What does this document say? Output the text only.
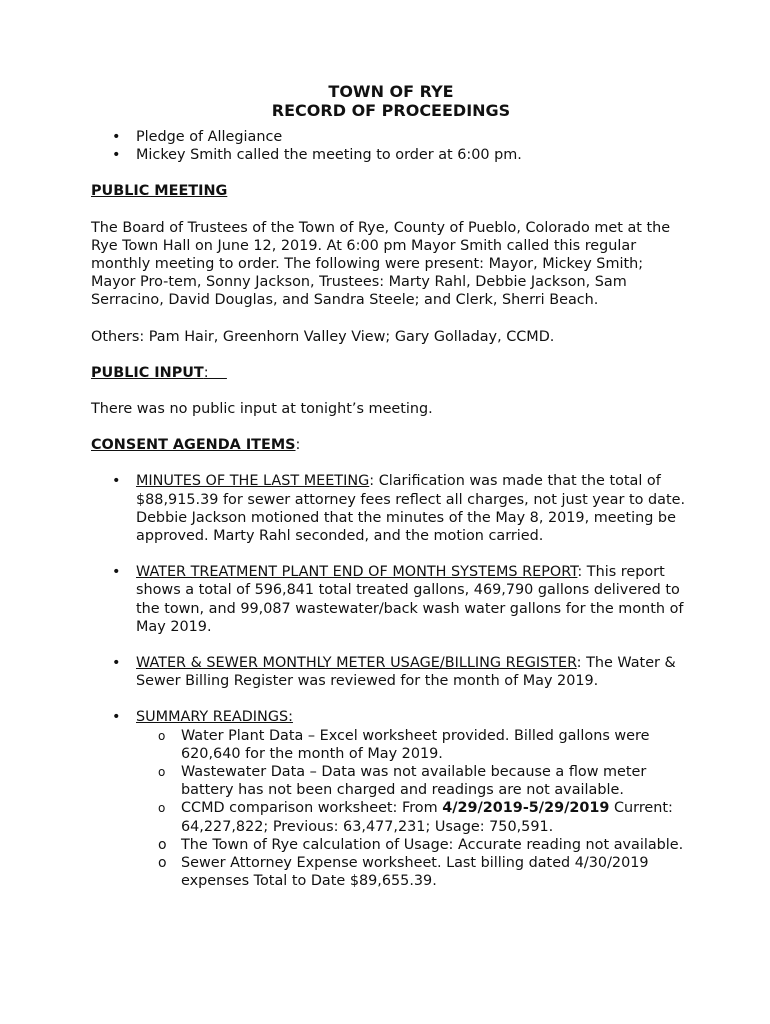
TOWN OF RYE

RECORD OF PROCEEDINGS

• Pledge of Allegiance
• Mickey Smith called the meeting to order at 6:00 pm.

PUBLIC MEETING

The Board of Trustees of the Town of Rye, County of Pueblo, Colorado met at the Rye Town Hall on June 12, 2019. At 6:00 pm Mayor Smith called this regular monthly meeting to order. The following were present: Mayor, Mickey Smith; Mayor Pro-tem, Sonny Jackson, Trustees: Marty Rahl, Debbie Jackson, Sam Serracino, David Douglas, and Sandra Steele; and Clerk, Sherri Beach.

Others: Pam Hair, Greenhorn Valley View; Gary Golladay, CCMD.

PUBLIC INPUT:

There was no public input at tonight’s meeting.

CONSENT AGENDA ITEMS:

• MINUTES OF THE LAST MEETING: Clarification was made that the total of $88,915.39 for sewer attorney fees reflect all charges, not just year to date. Debbie Jackson motioned that the minutes of the May 8, 2019, meeting be approved. Marty Rahl seconded, and the motion carried.
• WATER TREATMENT PLANT END OF MONTH SYSTEMS REPORT: This report shows a total of 596,841 total treated gallons, 469,790 gallons delivered to the town, and 99,087 wastewater/back wash water gallons for the month of May 2019.
• WATER & SEWER MONTHLY METER USAGE/BILLING REGISTER: The Water & Sewer Billing Register was reviewed for the month of May 2019.
• SUMMARY READINGS:
o Water Plant Data – Excel worksheet provided. Billed gallons were 620,640 for the month of May 2019.
o Wastewater Data – Data was not available because a flow meter battery has not been charged and readings are not available.
o CCMD comparison worksheet: From 4/29/2019-5/29/2019 Current: 64,227,822; Previous: 63,477,231; Usage: 750,591.
o The Town of Rye calculation of Usage: Accurate reading not available.
o Sewer Attorney Expense worksheet. Last billing dated 4/30/2019 expenses Total to Date $89,655.39.
